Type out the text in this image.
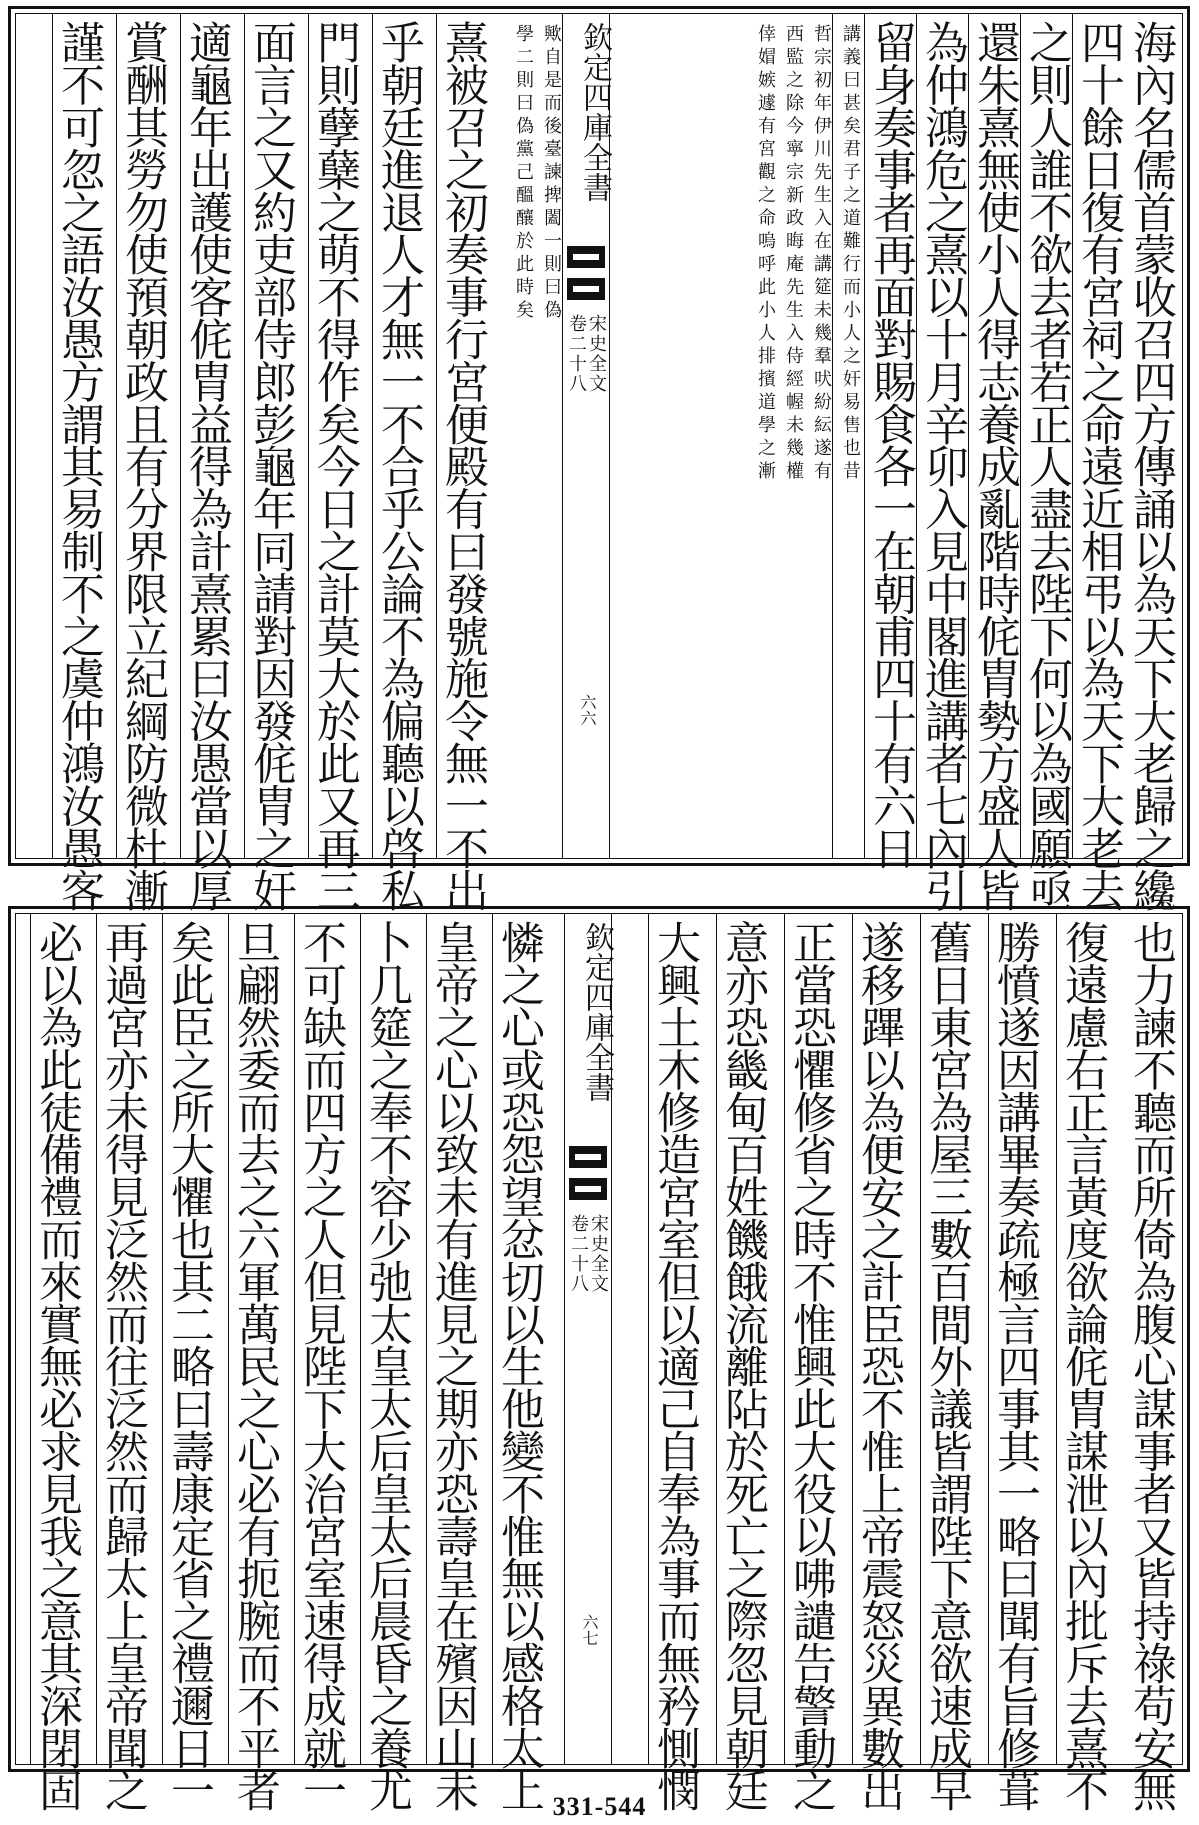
海內名儒首蒙收召四方傳誦以為天下大老歸之纔
四十餘日復有宮祠之命遠近相弔以為天下大老去
之則人誰不欲去者若正人盡去陛下何以為國願亟
還朱熹無使小人得志養成亂階時侂胄勢方盛人皆
為仲鴻危之熹以十月辛卯入見中閣進講者七內引
留身奏事者再面對賜食各一在朝甫四十有六日
講義曰甚矣君子之道難行而小人之奸易售也昔
哲宗初年伊川先生入在講筵未幾羣吠紛紜遂有
西監之除今寧宗新政晦庵先生入侍經幄未幾權
倖媢嫉遽有宮觀之命嗚呼此小人排擯道學之漸
欽定四庫全書
宋史全文
卷二十八
六六
歟自是而後臺諫捭闔一則曰偽
學二則曰偽黨己醞釀於此時矣
熹被召之初奏事行宮便殿有曰發號施令無一不出
乎朝廷進退人才無一不合乎公論不為偏聽以啓私
門則孽蘖之萌不得作矣今日之計莫大於此又再三
面言之又約吏部侍郎彭龜年同請對因發侂胄之奸
適龜年出護使客侂胄益得為計熹累曰汝愚當以厚
賞酬其勞勿使預朝政且有分界限立紀綱防微杜漸
謹不可忽之語汝愚方謂其易制不之虞仲鴻汝愚客
也力諫不聽而所倚為腹心謀事者又皆持祿苟安無
復遠慮右正言黃度欲論侂胄謀泄以內批斥去熹不
勝憤遂因講畢奏疏極言四事其一略曰聞有旨修葺
舊日東宮為屋三數百間外議皆謂陛下意欲速成早
遂移蹕以為便安之計臣恐不惟上帝震怒災異數出
正當恐懼修省之時不惟興此大役以咈譴告警動之
意亦恐畿甸百姓饑餓流離阽於死亡之際忽見朝廷
大興土木修造宮室但以適己自奉為事而無矜惻憫
欽定四庫全書
宋史全文
卷二十八
六七
憐之心或恐怨望忿切以生他變不惟無以感格太上
皇帝之心以致未有進見之期亦恐壽皇在殯因山未
卜几筵之奉不容少弛太皇太后皇太后晨昏之養尤
不可缺而四方之人但見陛下大治宮室速得成就一
旦翩然委而去之六軍萬民之心必有扼腕而不平者
矣此臣之所大懼也其二略曰壽康定省之禮邇日一
再過宮亦未得見泛然而往泛然而歸太上皇帝聞之
必以為此徒備禮而來實無必求見我之意其深閉固	331-544
